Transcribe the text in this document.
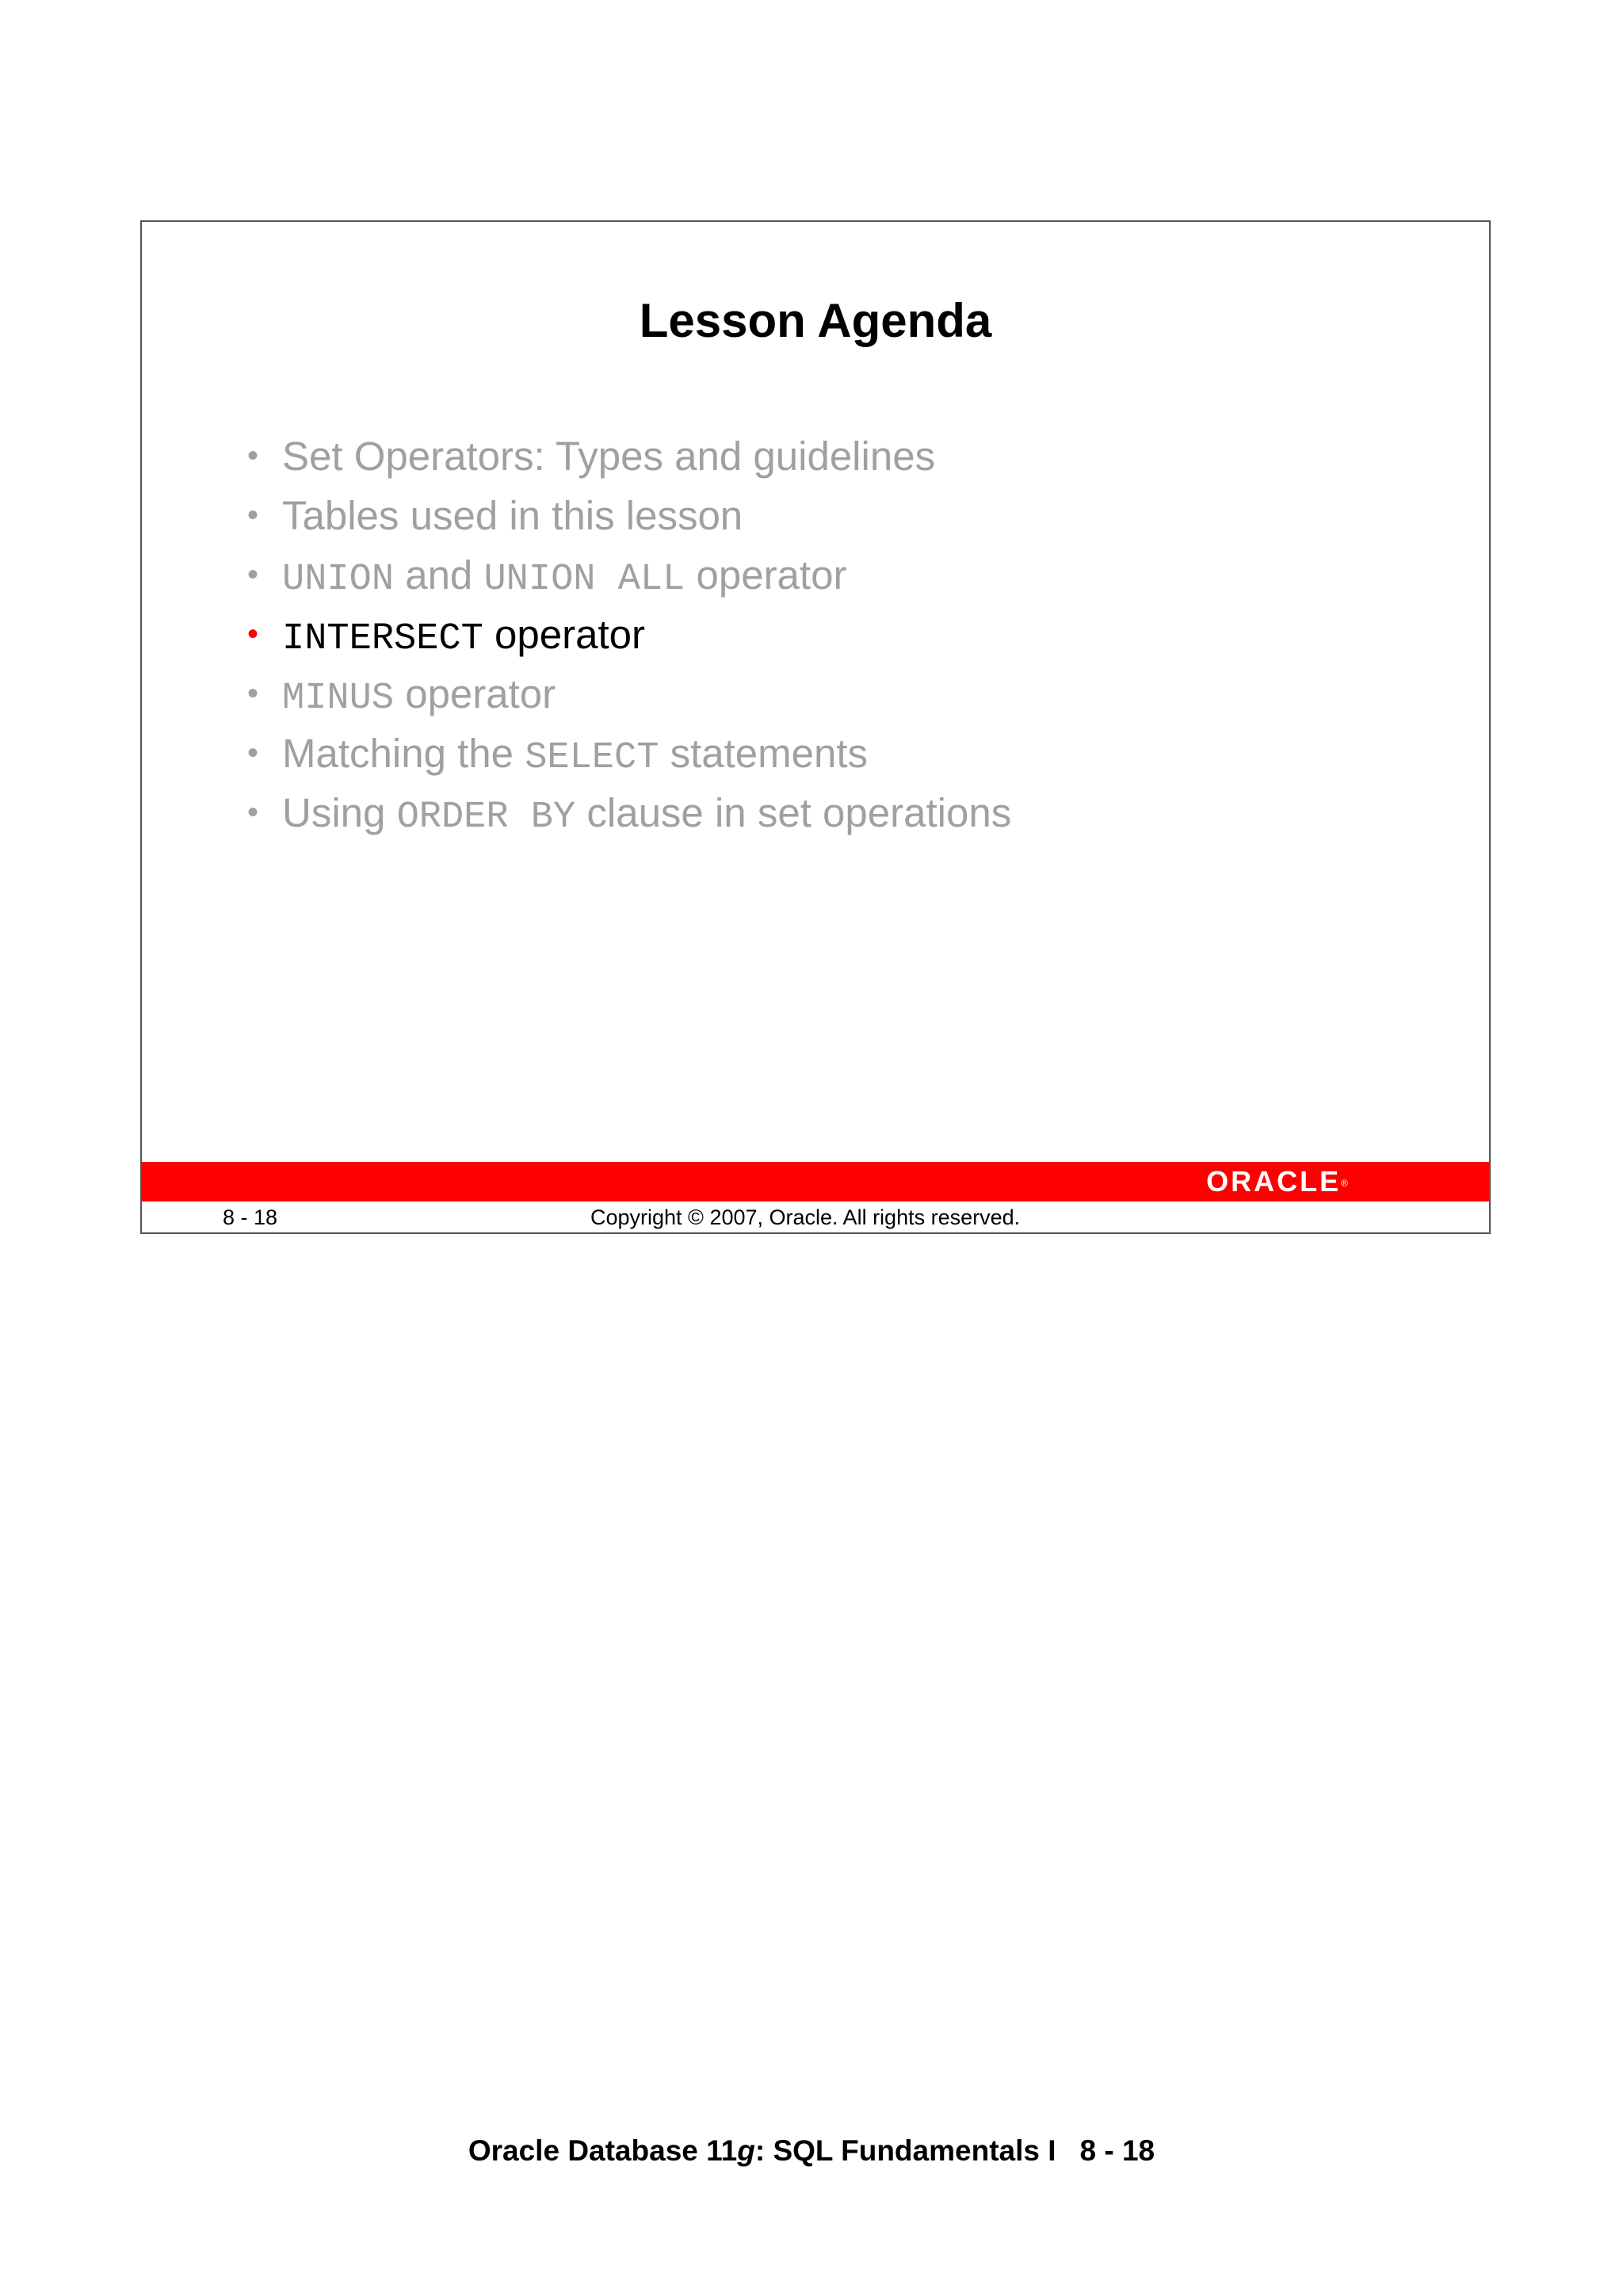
Lesson Agenda
• Set Operators: Types and guidelines
• Tables used in this lesson
• UNION and UNION ALL operator
• INTERSECT operator
• MINUS operator
• Matching the SELECT statements
• Using ORDER BY clause in set operations
ORACLE®
8 - 18	Copyright © 2007, Oracle. All rights reserved.
Oracle Database 11g: SQL Fundamentals I 8 - 18
